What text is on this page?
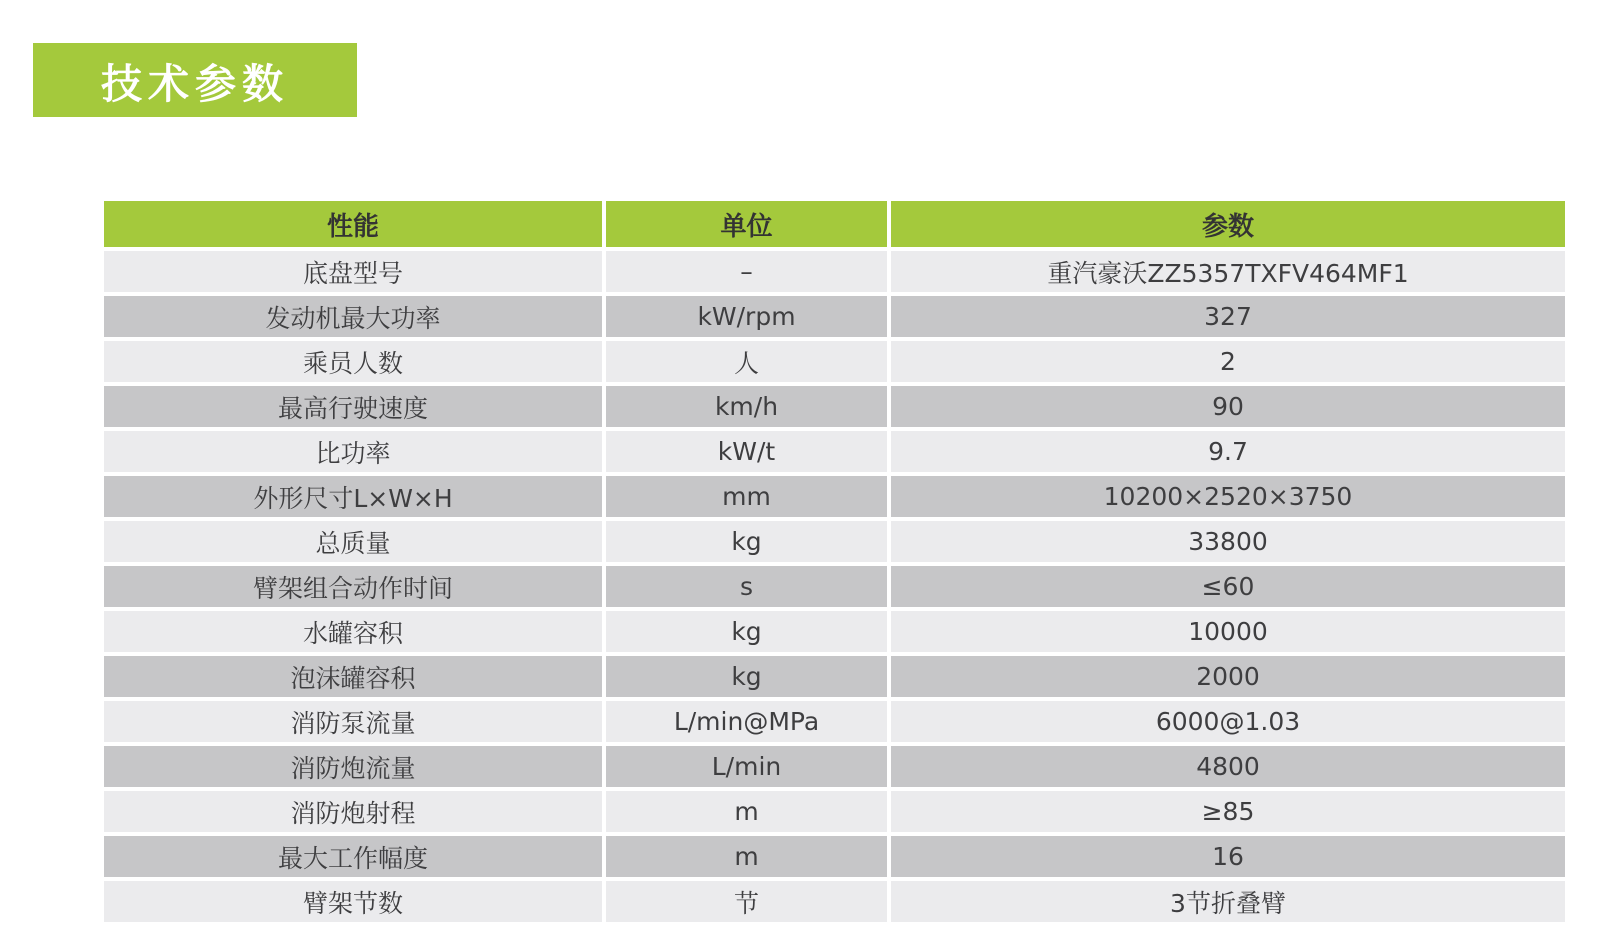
技术参数
性能	单位	参数
底盘型号	–	重汽豪沃ZZ5357TXFV464MF1
发动机最大功率	kW/rpm	327
乘员人数	人	2
最高行驶速度	km/h	90
比功率	kW/t	9.7
外形尺寸L×W×H	mm	10200×2520×3750
总质量	kg	33800
臂架组合动作时间	s	≤60
水罐容积	kg	10000
泡沫罐容积	kg	2000
消防泵流量	L/min@MPa	6000@1.03
消防炮流量	L/min	4800
消防炮射程	m	≥85
最大工作幅度	m	16
臂架节数	节	3节折叠臂
